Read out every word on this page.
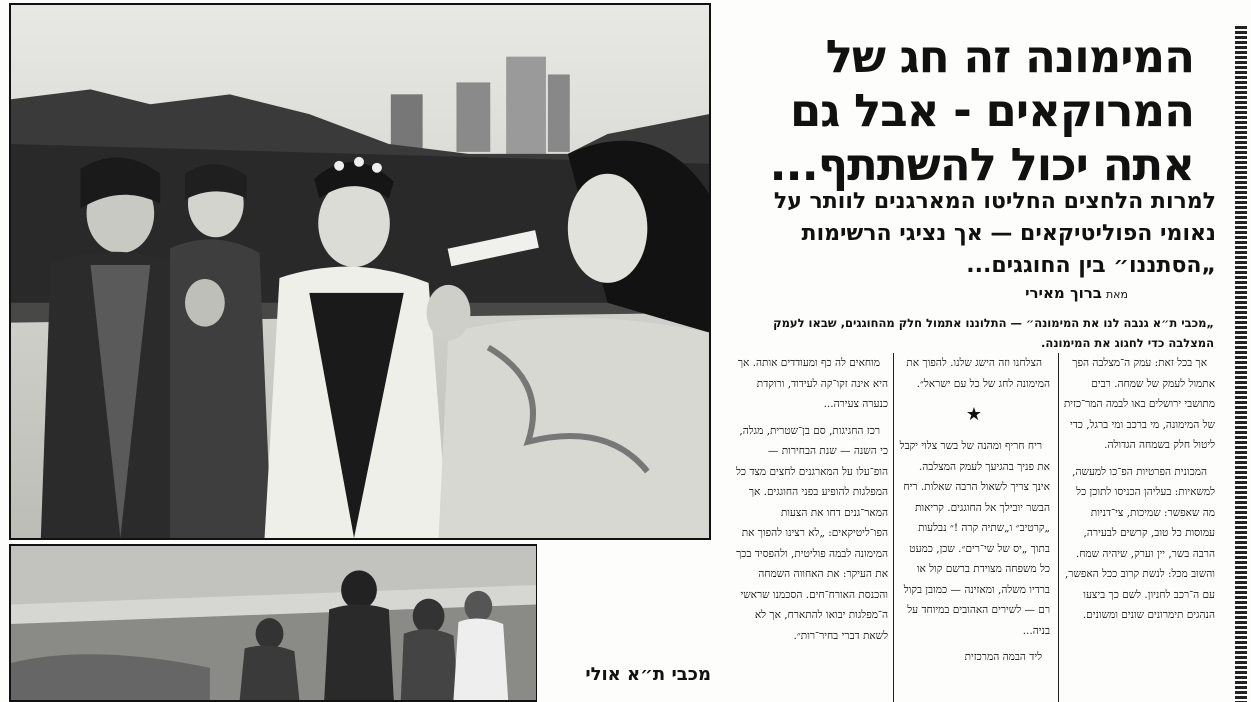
המימונה זה חג של המרוקאים - אבל גם אתה יכול להשתתף...
למרות הלחצים החליטו המארגנים לוותר על נאומי הפוליטיקאים — אך נציגי הרשימות „הסתננו״ בין החוגגים...

מאתברוך מאירי

„מכבי ת״א גנבה לנו את המימונה״ — התלוננו אתמול חלק מהחוגגים, שבאו לעמק המצלבה כדי לחגוג את המימונה.

אך בכל זאת: עמק ה־מצלבה הפך אתמול לעמק של שמחה. רבים מתושבי ירושלים באו לבמה המר־כזית של המימונה, מי ברכב ומי ברגל, כדי ליטול חלק בשמחה הגדולה.

המכונית הפרטיות הפ־כו למעשה, למשאיות: בעליהן הכניסו לתוכן כל מה שאפשר: שמיכות, צי־דניות עמוסות כל טוב, קרשים לבעירה, הרבה בשר, יין וערק, שיהיה שמח. והשוב מכל: לנשת קרוב ככל האפשר, עם ה־רכב לחניון. לשם כך ביצעו הנהגים תימרונים שונים ומשונים.

הצלחנו וזה הישג שלנו. להפוך את המימונה לחג של כל עם ישראל״.

★

ריח חריף ומהנה של בשר צלוי יקבל את פניך בהגיעך לעמק המצלבה. אינך צריך לשאול הרבה שאלות. ריח הבשר יובילך אל החוגגים. קריאות „קרטיב״ ו„שתיה קרה !״ נבלעות בתוך „יס של שי־רים״. שכן, כמעט כל משפחה מצוידת ברשם קול או ברדיו משלה, ומאזינה — כמובן בקול רם — לשירים האהובים במיוחד על בניה...

ליד הבמה המרכזית

מוחאים לה כף ומעודדים אותה. אך היא אינה זקו־קה לעידוד, ורוקדת כנערה צעירה...

רכז החגיגות, סם בן־שטרית, מגלה, כי השנה — שנת הבחירות — הופ־עלו על המארגנים לחצים מצד כל המפלגות להופיע בפני החוגגים. אך המאר־גנים דחו את הצעות הפו־ליטיקאים: „לא רצינו להפוך את המימונה לבמה פוליטית, ולהפסיד בכך את העיקר: את האחווה השמחה והכנסת האורח־חים. הסכמנו שראשי ה־מפלגות יבואו להתארח, אך לא לשאת דברי בחיר־רות״.

מכבי ת״א אולי
